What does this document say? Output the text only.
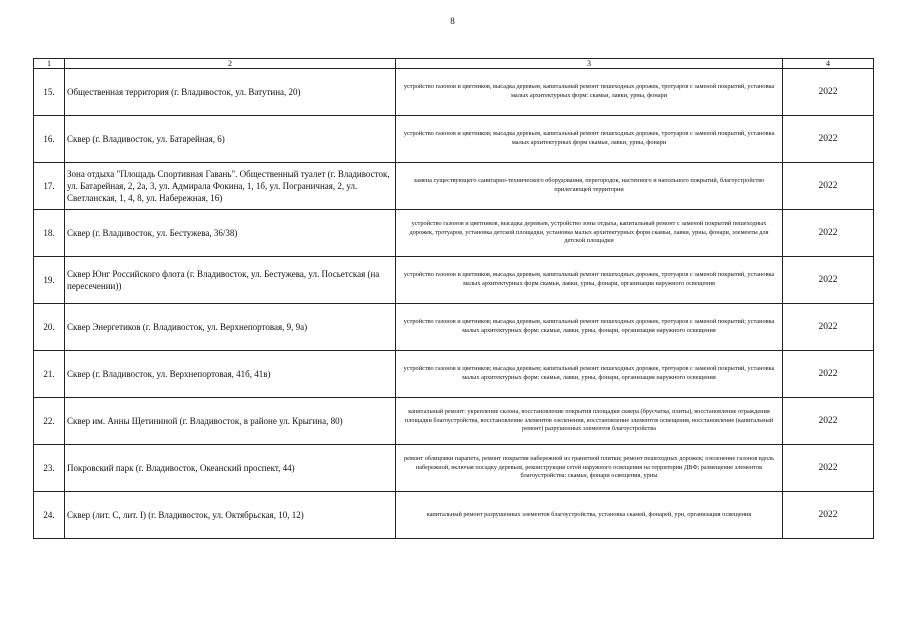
8
1	2	3	4
15.	Общественная территория (г. Владивосток, ул. Ватутина, 20)	устройство газонов и цветников, высадка деревьев, капитальный ремонт пешеходных дорожек, тротуаров с заменой покрытий, установка малых архитектурных форм: скамьи, лавки, урны, фонари	2022
16.	Сквер (г. Владивосток, ул. Батарейная, 6)	устройство газонов и цветников; высадка деревьев, капитальный ремонт пешеходных дорожек, тротуаров с заменой покрытий, установка малых архитектурных форм скамьи, лавки, урны, фонари	2022
17.	Зона отдыха "Площадь Спортивная Гавань". Общественный туалет (г. Владивосток, ул. Батарейная, 2, 2а, 3, ул. Адмирала Фокина, 1, 1б, ул. Пограничная, 2, ул. Светланская, 1, 4, 8, ул. Набережная, 16)	замена существующего санитарно-технического оборудования, перегородок, настенного и напольного покрытий, благоустройство прилегающей территории	2022
18.	Сквер (г. Владивосток, ул. Бестужева, 36/38)	устройство газонов и цветников, высадка деревьев, устройство зоны отдыха, капитальный ремонт с заменой покрытий пешеходных дорожек, тротуаров, установка детской площадки, установка малых архитектурных форм скамьи, лавки, урны, фонари, элементы для детской площадки	2022
19.	Сквер Юнг Российского флота (г. Владивосток, ул. Бестужева, ул. Посьетская (на пересечении))	устройство газонов и цветников, высадка деревьев, капитальный ремонт пешеходных дорожек, тротуаров с заменой покрытий, установка малых архитектурных форм скамьи, лавки, урны, фонари, организация наружного освещения	2022
20.	Сквер Энергетиков (г. Владивосток, ул. Верхнепортовая, 9, 9а)	устройство газонов и цветников; высадка деревьев, капитальный ремонт пешеходных дорожек, тротуаров с заменой покрытий; установка малых архитектурных форм: скамьи, лавки, урны, фонари, организация наружного освещения	2022
21.	Сквер (г. Владивосток, ул. Верхнепортовая, 41б, 41в)	устройство газонов и цветников; высадка деревьев; капитальный ремонт пешеходных дорожек, тротуаров с заменой покрытий, установка малых архитектурных форм: скамьи, лавки, урны, фонари, организация наружного освещения	2022
22.	Сквер им. Анны Щетининой (г. Владивосток, в районе ул. Крыгина, 80)	капитальный ремонт: укрепление склона, восстановление покрытия площадки сквера (брусчатка, плиты), восстановление ограждения площадки благоустройства, восстановление элементов озеленения, восстановление элементов освещения, восстановление (капитальный ремонт) разрушенных элементов благоустройства	2022
23.	Покровский парк (г. Владивосток, Океанский проспект, 44)	ремонт облицовки парапета, ремонт покрытия набережной из гранитной плитки; ремонт пешеходных дорожек; озеленение газонов вдоль набережной, включая посадку деревьев, реконструкция сетей наружного освещения на территории ДВФ; размещение элементов благоустройства: скамьи, фонари освещения, урны	2022
24.	Сквер (лит. С, лит. I) (г. Владивосток, ул. Октябрьская, 10, 12)	капитальный ремонт разрушенных элементов благоустройства, установка скамей, фонарей, урн, организация освещения	2022
